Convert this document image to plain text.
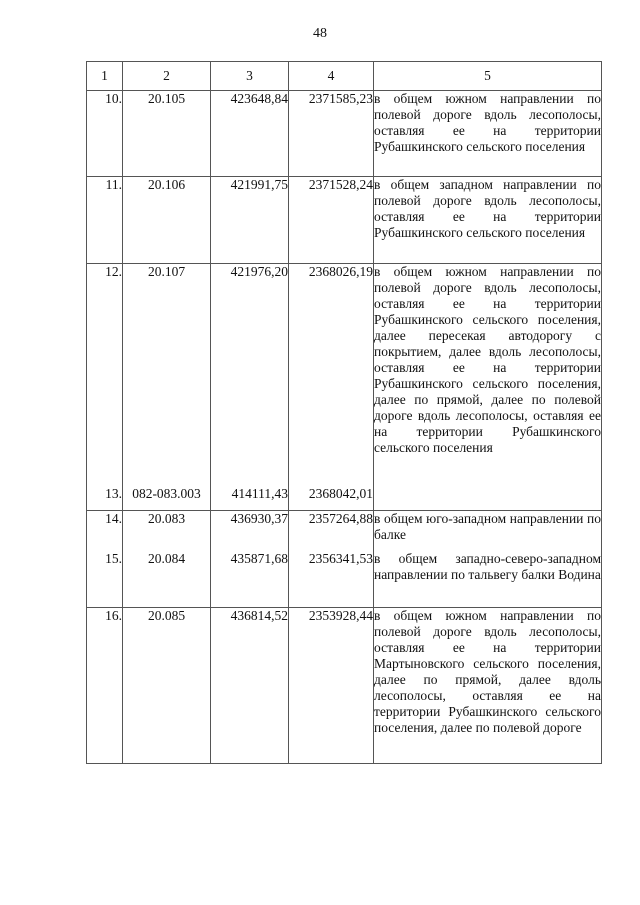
48
1	2	3	4	5
10.	20.105	423648,84	2371585,23	в общем южном направлении по полевой дороге вдоль лесополосы, оставляя ее на территории Рубашкинского сельского поселения
11.	20.106	421991,75	2371528,24	в общем западном направлении по полевой дороге вдоль лесополосы, оставляя ее на территории Рубашкинского сельского поселения
12.	20.107	421976,20	2368026,19	в общем южном направлении по полевой дороге вдоль лесополосы, оставляя ее на территории Рубашкинского сельского поселения, далее пересекая автодорогу с покрытием, далее вдоль лесополосы, оставляя ее на территории Рубашкинского сельского поселения, далее по прямой, далее по полевой дороге вдоль лесополосы, оставляя ее на территории Рубашкинского сельского поселения
13.	082-083.003	414111,43	2368042,01	
14.	20.083	436930,37	2357264,88	в общем юго-западном направлении по балке
15.	20.084	435871,68	2356341,53	в общем западно-северо-западном направлении по тальвегу балки Водина
16.	20.085	436814,52	2353928,44	в общем южном направлении по полевой дороге вдоль лесополосы, оставляя ее на территории Мартыновского сельского поселения, далее по прямой, далее вдоль лесополосы, оставляя ее на территории Рубашкинского сельского поселения, далее по полевой дороге
